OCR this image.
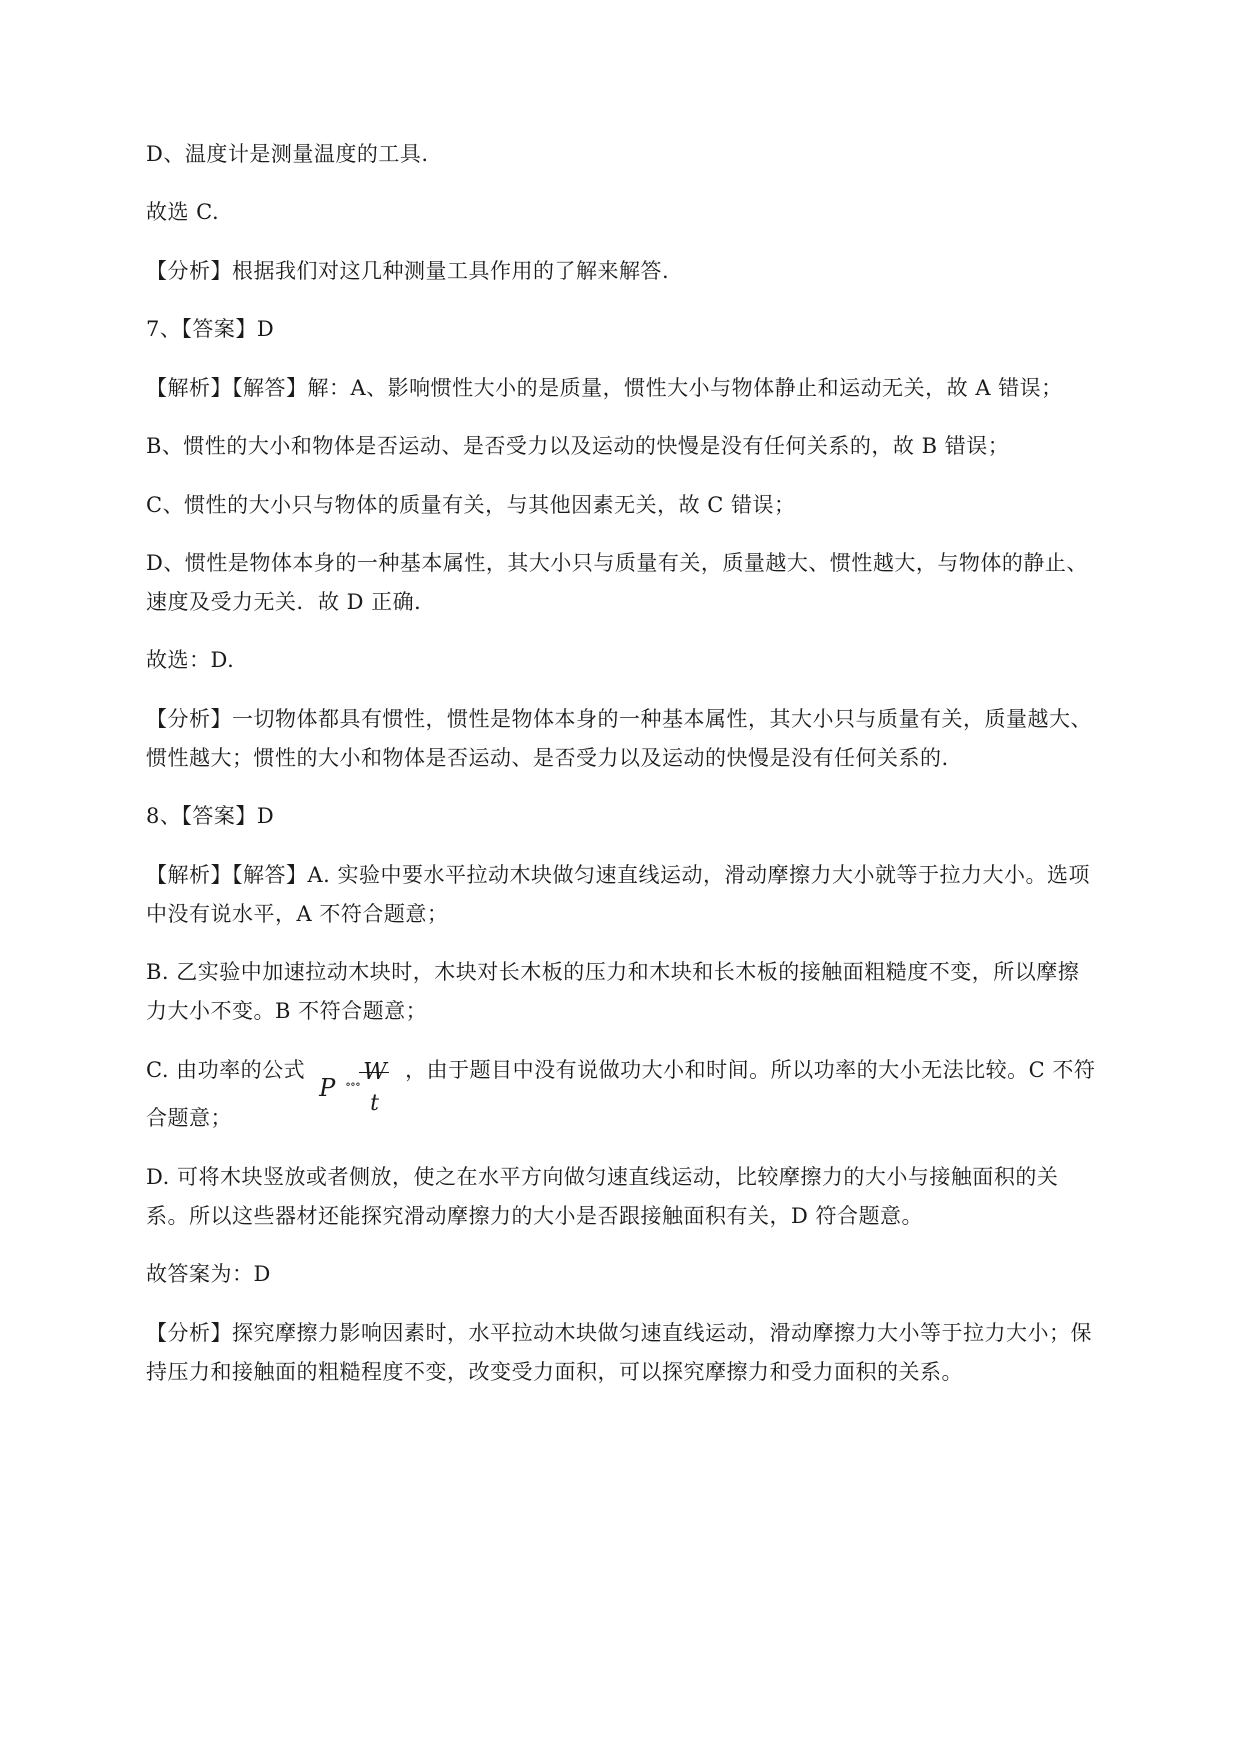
D、温度计是测量温度的工具.
故选 C.
【分析】根据我们对这几种测量工具作用的了解来解答.
7、【答案】D
【解析】【解答】解：A、影响惯性大小的是质量，惯性大小与物体静止和运动无关，故 A 错误；
B、惯性的大小和物体是否运动、是否受力以及运动的快慢是没有任何关系的，故 B 错误；
C、惯性的大小只与物体的质量有关，与其他因素无关，故 C 错误；
D、惯性是物体本身的一种基本属性，其大小只与质量有关，质量越大、惯性越大，与物体的静止、
速度及受力无关．故 D 正确．
故选：D.
【分析】一切物体都具有惯性，惯性是物体本身的一种基本属性，其大小只与质量有关，质量越大、
惯性越大；惯性的大小和物体是否运动、是否受力以及运动的快慢是没有任何关系的.
8、【答案】D
【解析】【解答】A. 实验中要水平拉动木块做匀速直线运动，滑动摩擦力大小就等于拉力大小。选项
中没有说水平，A 不符合题意；
B. 乙实验中加速拉动木块时，木块对长木板的压力和木块和长木板的接触面粗糙度不变，所以摩擦
力大小不变。B 不符合题意；
C. 由功率的公式
P ∘∘∘ W
t
，由于题目中没有说做功大小和时间。所以功率的大小无法比较。C 不符
合题意；
D. 可将木块竖放或者侧放，使之在水平方向做匀速直线运动，比较摩擦力的大小与接触面积的关
系。所以这些器材还能探究滑动摩擦力的大小是否跟接触面积有关，D 符合题意。
故答案为：D
【分析】探究摩擦力影响因素时，水平拉动木块做匀速直线运动，滑动摩擦力大小等于拉力大小；保
持压力和接触面的粗糙程度不变，改变受力面积，可以探究摩擦力和受力面积的关系。
